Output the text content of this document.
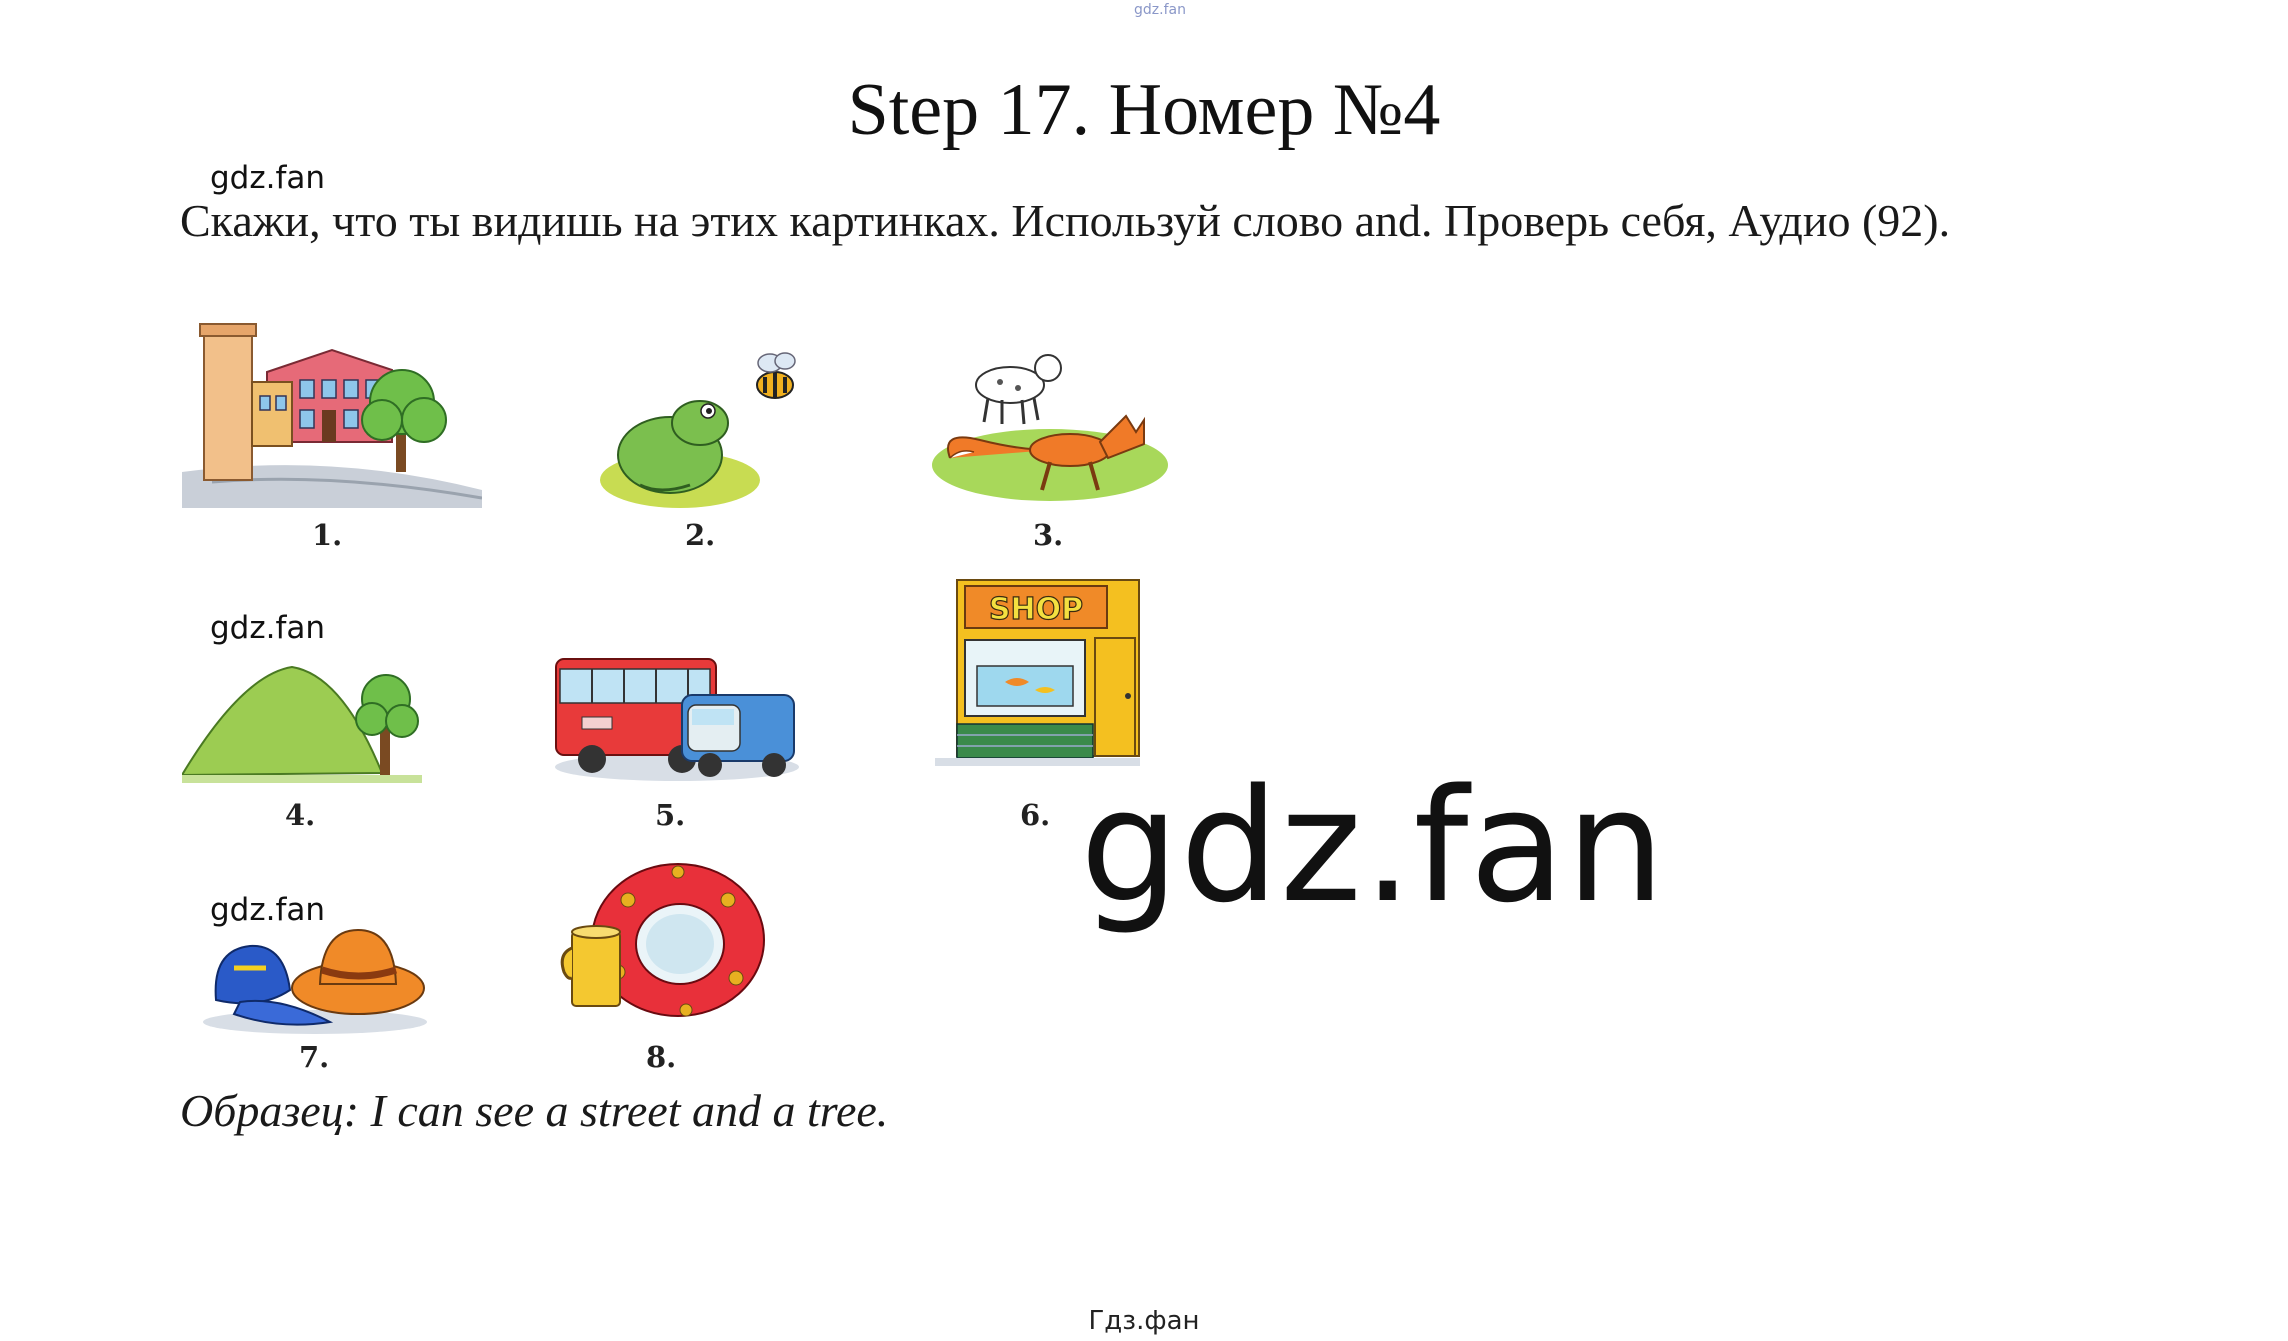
gdz.fan
Step 17. Номер №4
gdz.fan
Скажи, что ты видишь на этих картинках. Используй слово and. Проверь себя, Аудио (92).
1.	2.	3.
gdz.fan
4.	5.
SHOP
6. gdz.fan
gdz.fan
7.	8.
Образец: I can see a street and a tree.
Гдз.фан
